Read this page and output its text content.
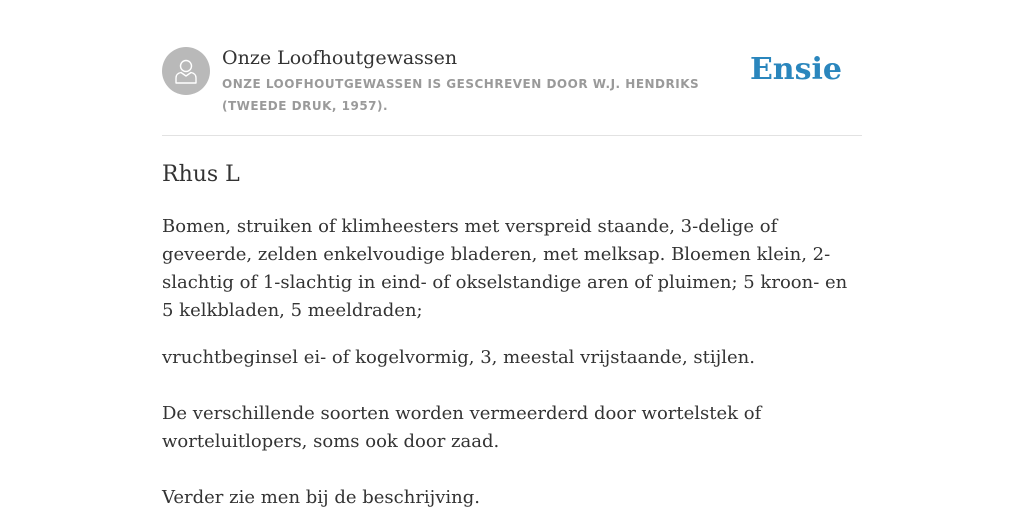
Onze Loofhoutgewassen
ONZE LOOFHOUTGEWASSEN IS GESCHREVEN DOOR W.J. HENDRIKS (TWEEDE DRUK, 1957).
Ensie
Rhus L

Bomen, struiken of klimheesters met verspreid staande, 3-delige of geveerde, zelden enkelvoudige bladeren, met melksap. Bloemen klein, 2-slachtig of 1-slachtig in eind- of okselstandige aren of pluimen; 5 kroon- en 5 kelkbladen, 5 meeldraden;

vruchtbeginsel ei- of kogelvormig, 3, meestal vrijstaande, stijlen.

De verschillende soorten worden vermeerderd door wortelstek of worteluitlopers, soms ook door zaad.

Verder zie men bij de beschrijving.
